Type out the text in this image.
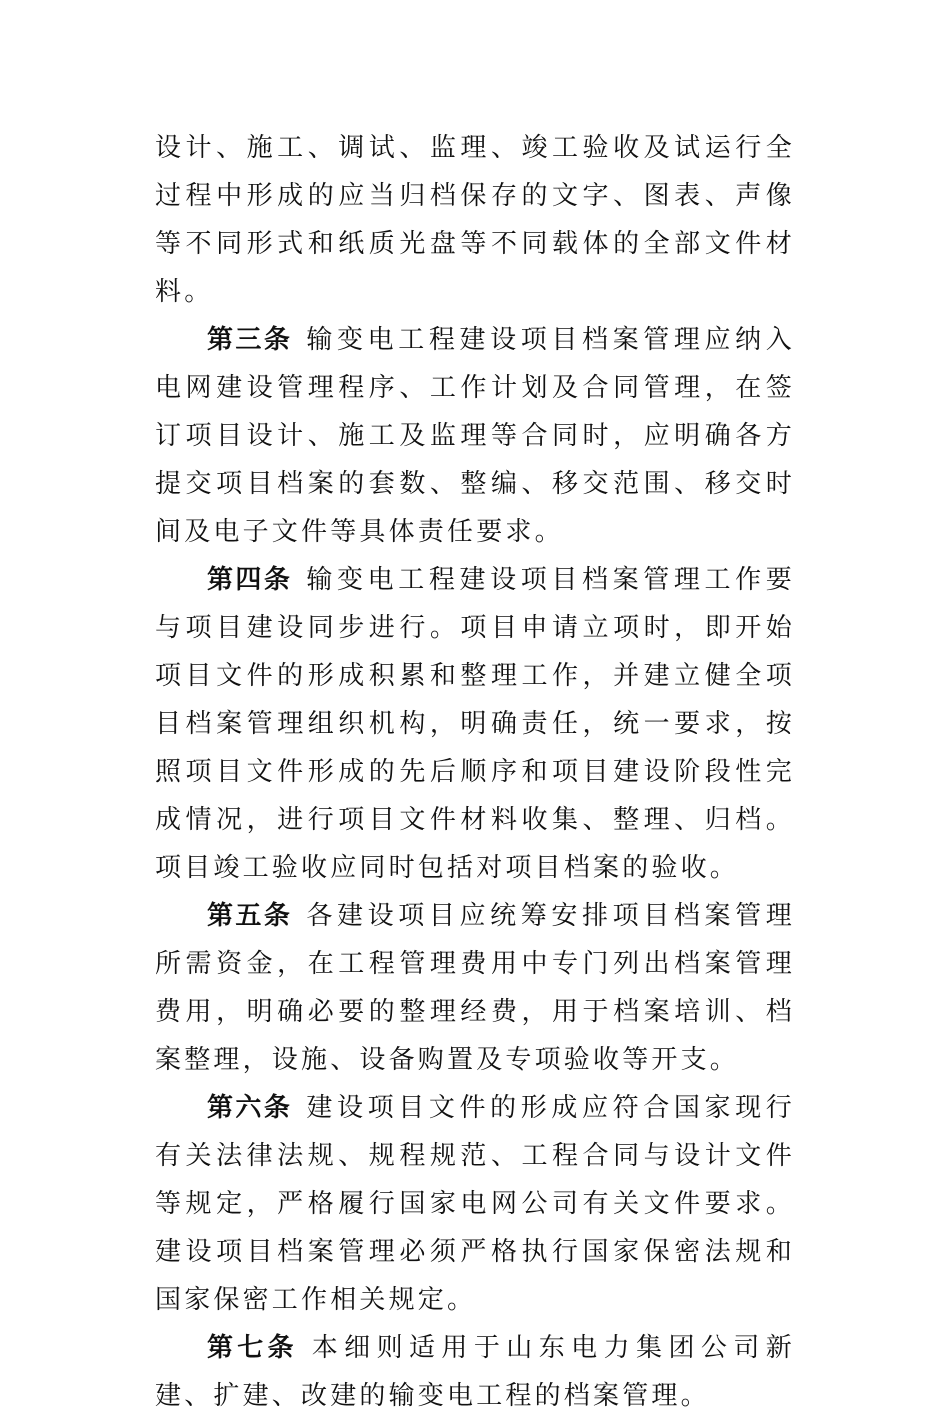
设计、施工、调试、监理、竣工验收及试运行全过程中形成的应当归档保存的文字、图表、声像等不同形式和纸质光盘等不同载体的全部文件材料。

第三条 输变电工程建设项目档案管理应纳入电网建设管理程序、工作计划及合同管理，在签订项目设计、施工及监理等合同时，应明确各方提交项目档案的套数、整编、移交范围、移交时间及电子文件等具体责任要求。

第四条 输变电工程建设项目档案管理工作要与项目建设同步进行。项目申请立项时，即开始项目文件的形成积累和整理工作，并建立健全项目档案管理组织机构，明确责任，统一要求，按照项目文件形成的先后顺序和项目建设阶段性完成情况，进行项目文件材料收集、整理、归档。项目竣工验收应同时包括对项目档案的验收。

第五条 各建设项目应统筹安排项目档案管理所需资金，在工程管理费用中专门列出档案管理费用，明确必要的整理经费，用于档案培训、档案整理，设施、设备购置及专项验收等开支。

第六条 建设项目文件的形成应符合国家现行有关法律法规、规程规范、工程合同与设计文件等规定，严格履行国家电网公司有关文件要求。建设项目档案管理必须严格执行国家保密法规和国家保密工作相关规定。

第七条 本细则适用于山东电力集团公司新建、扩建、改建的输变电工程的档案管理。
